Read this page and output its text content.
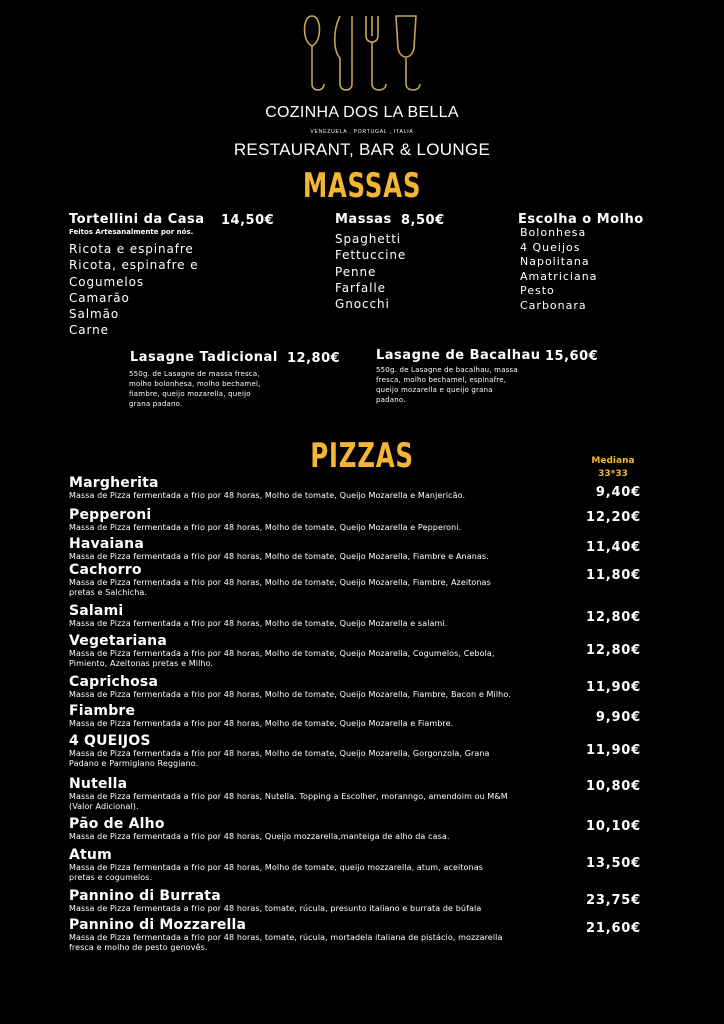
COZINHA DOS LA BELLA
VENEZUELA , PORTUGAL , ITALIA
RESTAURANT, BAR & LOUNGE
MASSAS
Tortellini da Casa 14,50€
Feitos Artesanalmente por nós.
Ricota e espinafre
Ricota, espinafre e
Cogumelos
Camarão
Salmão
Carne
Massas 8,50€
Spaghetti
Fettuccine
Penne
Farfalle
Gnocchi
Escolha o Molho
Bolonhesa
4 Queijos
Napolitana
Amatriciana
Pesto
Carbonara
Lasagne Tadicional 12,80€
550g. de Lasagne de massa fresca,
molho bolonhesa, molho bechamel,
fiambre, queijo mozarella, queijo
grana padano.
Lasagne de Bacalhau 15,60€
550g. de Lasagne de bacalhau, massa
fresca, molho bechamel, espinafre,
queijo mozarella e queijo grana
padano.
PIZZAS	Mediana
33*33
Margherita
Massa de Pizza fermentada a frio por 48 horas, Molho de tomate, Queijo Mozarella e Manjericão.	9,40€
Pepperoni
Massa de Pizza fermentada a frio por 48 horas, Molho de tomate, Queijo Mozarella e Pepperoni.
12,20€
Havaiana
Massa de Pizza fermentada a frio por 48 horas, Molho de tomate, Queijo Mozarella, Fiambre e Ananas.
11,40€
Cachorro
Massa de Pizza fermentada a frio por 48 horas, Molho de tomate, Queijo Mozarella, Fiambre, Azeitonas
pretas e Salchicha.
11,80€
Salami
Massa de Pizza fermentada a frio por 48 horas, Molho de tomate, Queijo Mozarella e salami.	12,80€
Vegetariana
Massa de Pizza fermentada a frio por 48 horas, Molho de tomate, Queijo Mozarella, Cogumelos, Cebola,
Pimiento, Azeitonas pretas e Milho.
12,80€
Caprichosa
Massa de Pizza fermentada a frio por 48 horas, Molho de tomate, Queijo Mozarella, Fiambre, Bacon e Milho.	11,90€
Fiambre
Massa de Pizza fermentada a frio por 48 horas, Molho de tomate, Queijo Mozarella e Fiambre.	9,90€
4 QUEIJOS
Massa de Pizza fermentada a frio por 48 horas, Molho de tomate, Queijo Mozarella, Gorgonzola, Grana
Padano e Parmigiano Reggiano.
11,90€
Nutella
Massa de Pizza fermentada a frio por 48 horas, Nutella. Topping a Escolher, moranngo, amendoim ou M&M
(Valor Adicional).
10,80€
Pão de Alho
Massa de Pizza fermentada a frio por 48 horas, Queijo mozzarella,manteiga de alho da casa.
10,10€
Atum
Massa de Pizza fermentada a frio por 48 horas, Molho de tomate, queijo mozzarella, atum, aceitonas
pretas e cogumelos.
13,50€
Pannino di Burrata
Massa de Pizza fermentada a frio por 48 horas, tomate, rúcula, presunto italiano e burrata de búfala
23,75€
Pannino di Mozzarella
Massa de Pizza fermentada a frio por 48 horas, tomate, rúcula, mortadela italiana de pistácio, mozzarella
fresca e molho de pesto genovês.
21,60€
